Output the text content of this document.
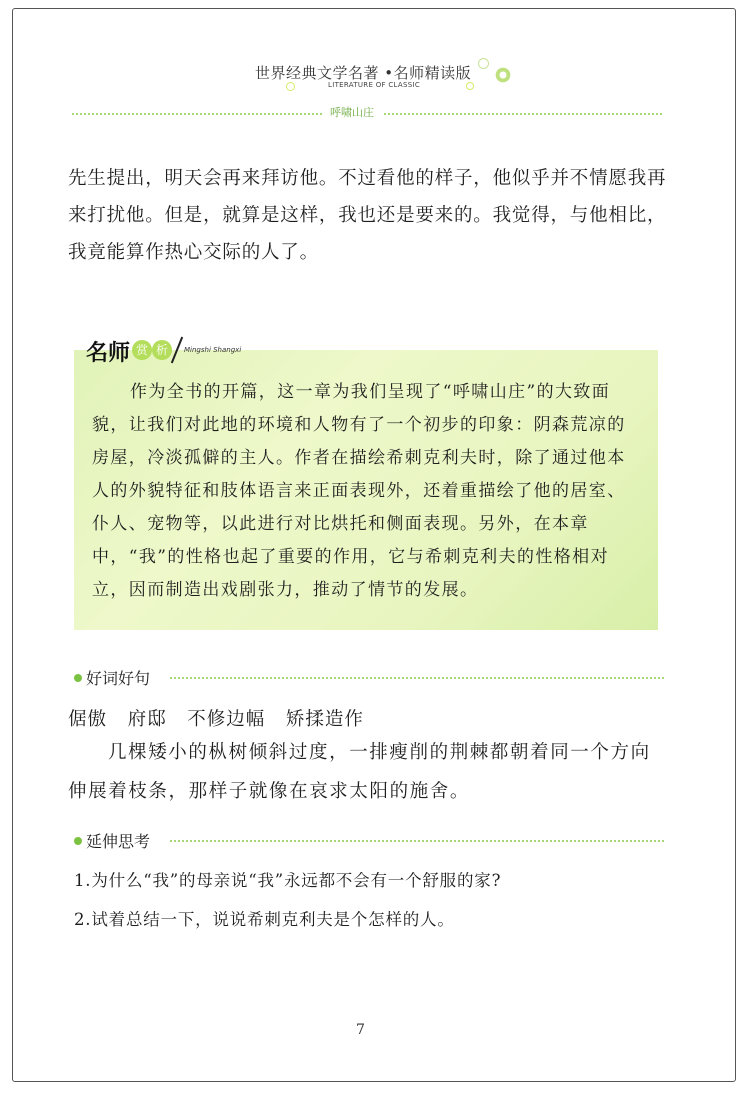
世界经典文学名著 •名师精读版
LITERATURE OF CLASSIC
呼啸山庄

先生提出，明天会再来拜访他。不过看他的样子，他似乎并不情愿我再来打扰他。但是，就算是这样，我也还是要来的。我觉得，与他相比，我竟能算作热心交际的人了。

名 师 赏 析	Mingshi Shangxi

作为全书的开篇，这一章为我们呈现了“呼啸山庄”的大致面貌，让我们对此地的环境和人物有了一个初步的印象：阴森荒凉的房屋，冷淡孤僻的主人。作者在描绘希刺克利夫时，除了通过他本人的外貌特征和肢体语言来正面表现外，还着重描绘了他的居室、仆人、宠物等，以此进行对比烘托和侧面表现。另外，在本章中，“我”的性格也起了重要的作用，它与希刺克利夫的性格相对立，因而制造出戏剧张力，推动了情节的发展。

好词好句
倨傲   府邸   不修边幅   矫揉造作

几棵矮小的枞树倾斜过度，一排瘦削的荆棘都朝着同一个方向伸展着枝条，那样子就像在哀求太阳的施舍。

延伸思考

1.为什么“我”的母亲说“我”永远都不会有一个舒服的家?

2.试着总结一下，说说希刺克利夫是个怎样的人。

7
